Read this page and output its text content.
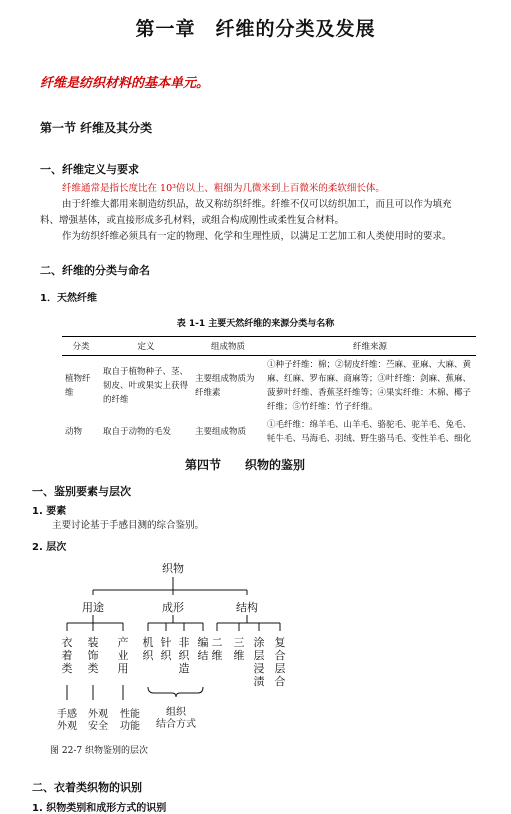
第一章　纤维的分类及发展
纤维是纺织材料的基本单元。
第一节 纤维及其分类
一、纤维定义与要求
纤维通常是指长度比在 10³倍以上、粗细为几微米到上百微米的柔软细长体。
由于纤维大都用来制造纺织品，故又称纺织纤维。纤维不仅可以纺织加工，而且可以作为填充
料、增强基体，或直接形成多孔材料，或组合构成刚性或柔性复合材料。
作为纺织纤维必须具有一定的物理、化学和生理性质，以满足工艺加工和人类使用时的要求。
二、纤维的分类与命名
1．天然纤维
表 1-1 主要天然纤维的来源分类与名称
分类	定义	组成物质	纤维来源
植物纤维	取自于植物种子、茎、韧皮、叶或果实上获得的纤维	主要组成物质为纤维素	①种子纤维：棉；②韧皮纤维：苎麻、亚麻、大麻、黄麻、红麻、罗布麻、商麻等；③叶纤维：剑麻、蕉麻、菠萝叶纤维、香蕉茎纤维等；④果实纤维：木棉、椰子纤维；⑤竹纤维：竹子纤维。
动物	取自于动物的毛发	主要组成物质	①毛纤维：绵羊毛、山羊毛、骆驼毛、驼羊毛、兔毛、牦牛毛、马海毛、羽绒、野生骆马毛、变性羊毛、细化
第四节　　织物的鉴别
一、鉴别要素与层次
1. 要素
主要讨论基于手感目测的综合鉴别。
2. 层次
织物
用途	成形	结构
衣着类
装饰类
产业用
机织
针织
非织造
编结
二维
三维
涂层浸渍
复合层合
手感外观
外观安全
性能功能
组织结合方式
图 22-7 织物鉴别的层次
二、衣着类织物的识别
1. 织物类别和成形方式的识别
